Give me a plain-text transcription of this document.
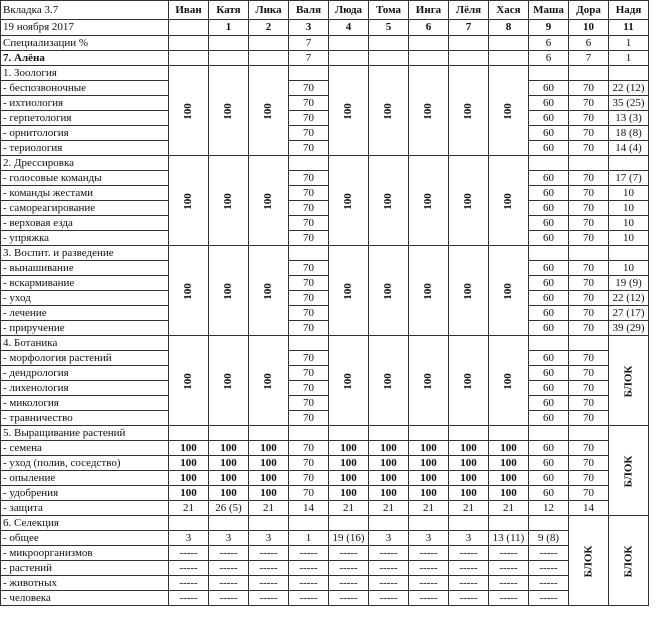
Вкладка 3.7	Иван	Катя	Лика	Валя	Люда	Тома	Инга	Лёля	Хася	Маша	Дора	Надя
19 ноября 2017		1	2	3	4	5	6	7	8	9	10	11
Специализации %				7						6	6	1
7. Алёна				7						6	7	1
1. Зоология	100	100	100		100	100	100	100	100			
- беспозвоночные				70						60	70	22 (12)
- ихтиология				70						60	70	35 (25)
- герпетология				70						60	70	13 (3)
- орнитология				70						60	70	18 (8)
- териология				70						60	70	14 (4)
2. Дрессировка	100	100	100		100	100	100	100	100			
- голосовые команды				70						60	70	17 (7)
- команды жестами				70						60	70	10
- самореагирование				70						60	70	10
- верховая езда				70						60	70	10
- упряжка				70						60	70	10
3. Воспит. и разведение	100	100	100		100	100	100	100	100			
- вынашивание				70						60	70	10
- вскармивание				70						60	70	19 (9)
- уход				70						60	70	22 (12)
- лечение				70						60	70	27 (17)
- приручение				70						60	70	39 (29)
4. Ботаника	100	100	100		100	100	100	100	100			БЛОК
- морфология растений				70						60	70	
- дендрология				70						60	70	
- лихенология				70						60	70	
- микология				70						60	70	
- травничество				70						60	70	
5. Выращивание растений												БЛОК
- семена	100	100	100	70	100	100	100	100	100	60	70	
- уход (полив, соседство)	100	100	100	70	100	100	100	100	100	60	70	
- опыление	100	100	100	70	100	100	100	100	100	60	70	
- удобрения	100	100	100	70	100	100	100	100	100	60	70	
- защита	21	26 (5)	21	14	21	21	21	21	21	12	14	
6. Селекция											БЛОК	БЛОК
- общее	3	3	3	1	19 (16)	3	3	3	13 (11)	9 (8)		
- микроорганизмов	-----	-----	-----	-----	-----	-----	-----	-----	-----	-----		
- растений	-----	-----	-----	-----	-----	-----	-----	-----	-----	-----		
- животных	-----	-----	-----	-----	-----	-----	-----	-----	-----	-----		
- человека	-----	-----	-----	-----	-----	-----	-----	-----	-----	-----		
